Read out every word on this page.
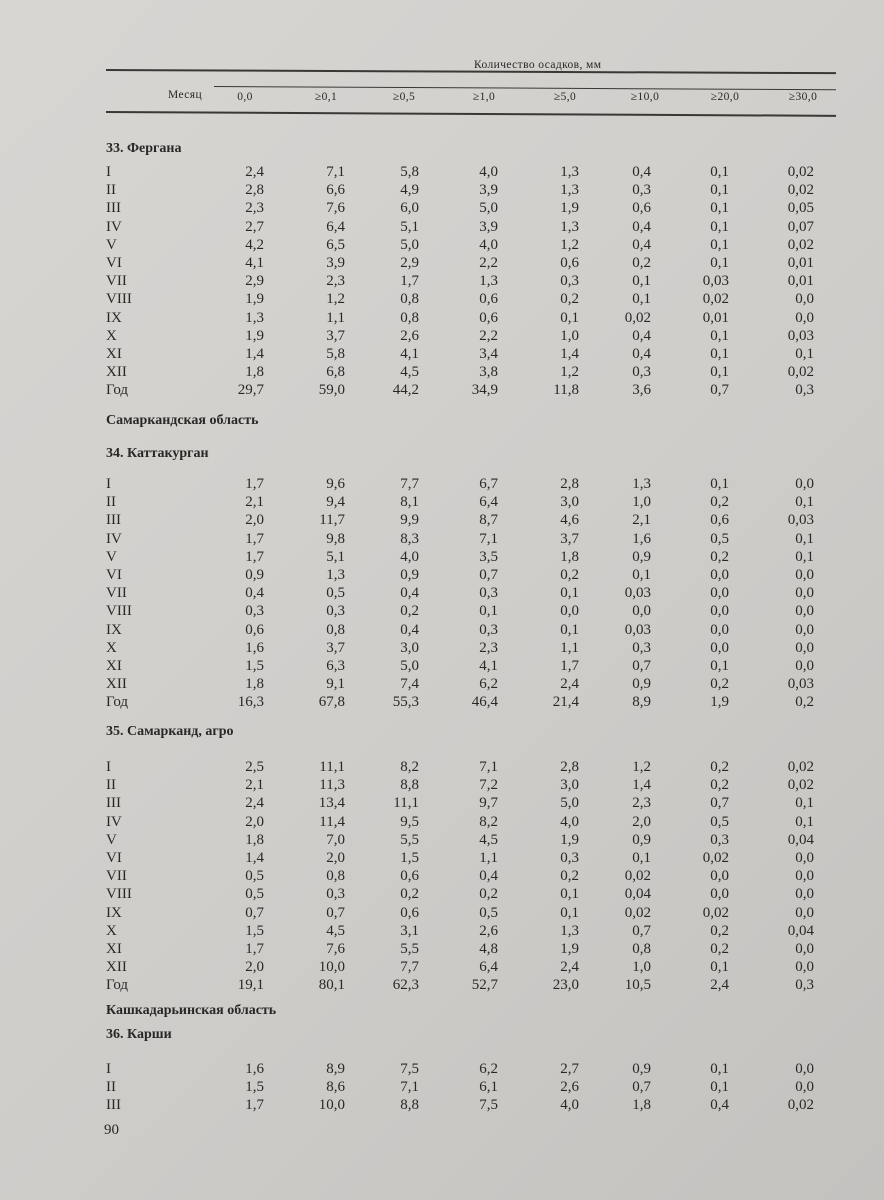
Количество осадков, мм
Месяц	0,0	≥0,1	≥0,5	≥1,0	≥5,0	≥10,0	≥20,0	≥30,0
33. Фергана
I	2,4	7,1	5,8	4,0	1,3	0,4	0,1	0,02
II	2,8	6,6	4,9	3,9	1,3	0,3	0,1	0,02
III	2,3	7,6	6,0	5,0	1,9	0,6	0,1	0,05
IV	2,7	6,4	5,1	3,9	1,3	0,4	0,1	0,07
V	4,2	6,5	5,0	4,0	1,2	0,4	0,1	0,02
VI	4,1	3,9	2,9	2,2	0,6	0,2	0,1	0,01
VII	2,9	2,3	1,7	1,3	0,3	0,1	0,03	0,01
VIII	1,9	1,2	0,8	0,6	0,2	0,1	0,02	0,0
IX	1,3	1,1	0,8	0,6	0,1	0,02	0,01	0,0
X	1,9	3,7	2,6	2,2	1,0	0,4	0,1	0,03
XI	1,4	5,8	4,1	3,4	1,4	0,4	0,1	0,1
XII	1,8	6,8	4,5	3,8	1,2	0,3	0,1	0,02
Год	29,7	59,0	44,2	34,9	11,8	3,6	0,7	0,3
Самаркандская область
34. Каттакурган
I	1,7	9,6	7,7	6,7	2,8	1,3	0,1	0,0
II	2,1	9,4	8,1	6,4	3,0	1,0	0,2	0,1
III	2,0	11,7	9,9	8,7	4,6	2,1	0,6	0,03
IV	1,7	9,8	8,3	7,1	3,7	1,6	0,5	0,1
V	1,7	5,1	4,0	3,5	1,8	0,9	0,2	0,1
VI	0,9	1,3	0,9	0,7	0,2	0,1	0,0	0,0
VII	0,4	0,5	0,4	0,3	0,1	0,03	0,0	0,0
VIII	0,3	0,3	0,2	0,1	0,0	0,0	0,0	0,0
IX	0,6	0,8	0,4	0,3	0,1	0,03	0,0	0,0
X	1,6	3,7	3,0	2,3	1,1	0,3	0,0	0,0
XI	1,5	6,3	5,0	4,1	1,7	0,7	0,1	0,0
XII	1,8	9,1	7,4	6,2	2,4	0,9	0,2	0,03
Год	16,3	67,8	55,3	46,4	21,4	8,9	1,9	0,2
35. Самарканд, агро
I	2,5	11,1	8,2	7,1	2,8	1,2	0,2	0,02
II	2,1	11,3	8,8	7,2	3,0	1,4	0,2	0,02
III	2,4	13,4	11,1	9,7	5,0	2,3	0,7	0,1
IV	2,0	11,4	9,5	8,2	4,0	2,0	0,5	0,1
V	1,8	7,0	5,5	4,5	1,9	0,9	0,3	0,04
VI	1,4	2,0	1,5	1,1	0,3	0,1	0,02	0,0
VII	0,5	0,8	0,6	0,4	0,2	0,02	0,0	0,0
VIII	0,5	0,3	0,2	0,2	0,1	0,04	0,0	0,0
IX	0,7	0,7	0,6	0,5	0,1	0,02	0,02	0,0
X	1,5	4,5	3,1	2,6	1,3	0,7	0,2	0,04
XI	1,7	7,6	5,5	4,8	1,9	0,8	0,2	0,0
XII	2,0	10,0	7,7	6,4	2,4	1,0	0,1	0,0
Год	19,1	80,1	62,3	52,7	23,0	10,5	2,4	0,3
Кашкадарьинская область
36. Карши
I	1,6	8,9	7,5	6,2	2,7	0,9	0,1	0,0
II	1,5	8,6	7,1	6,1	2,6	0,7	0,1	0,0
III	1,7	10,0	8,8	7,5	4,0	1,8	0,4	0,02
90
